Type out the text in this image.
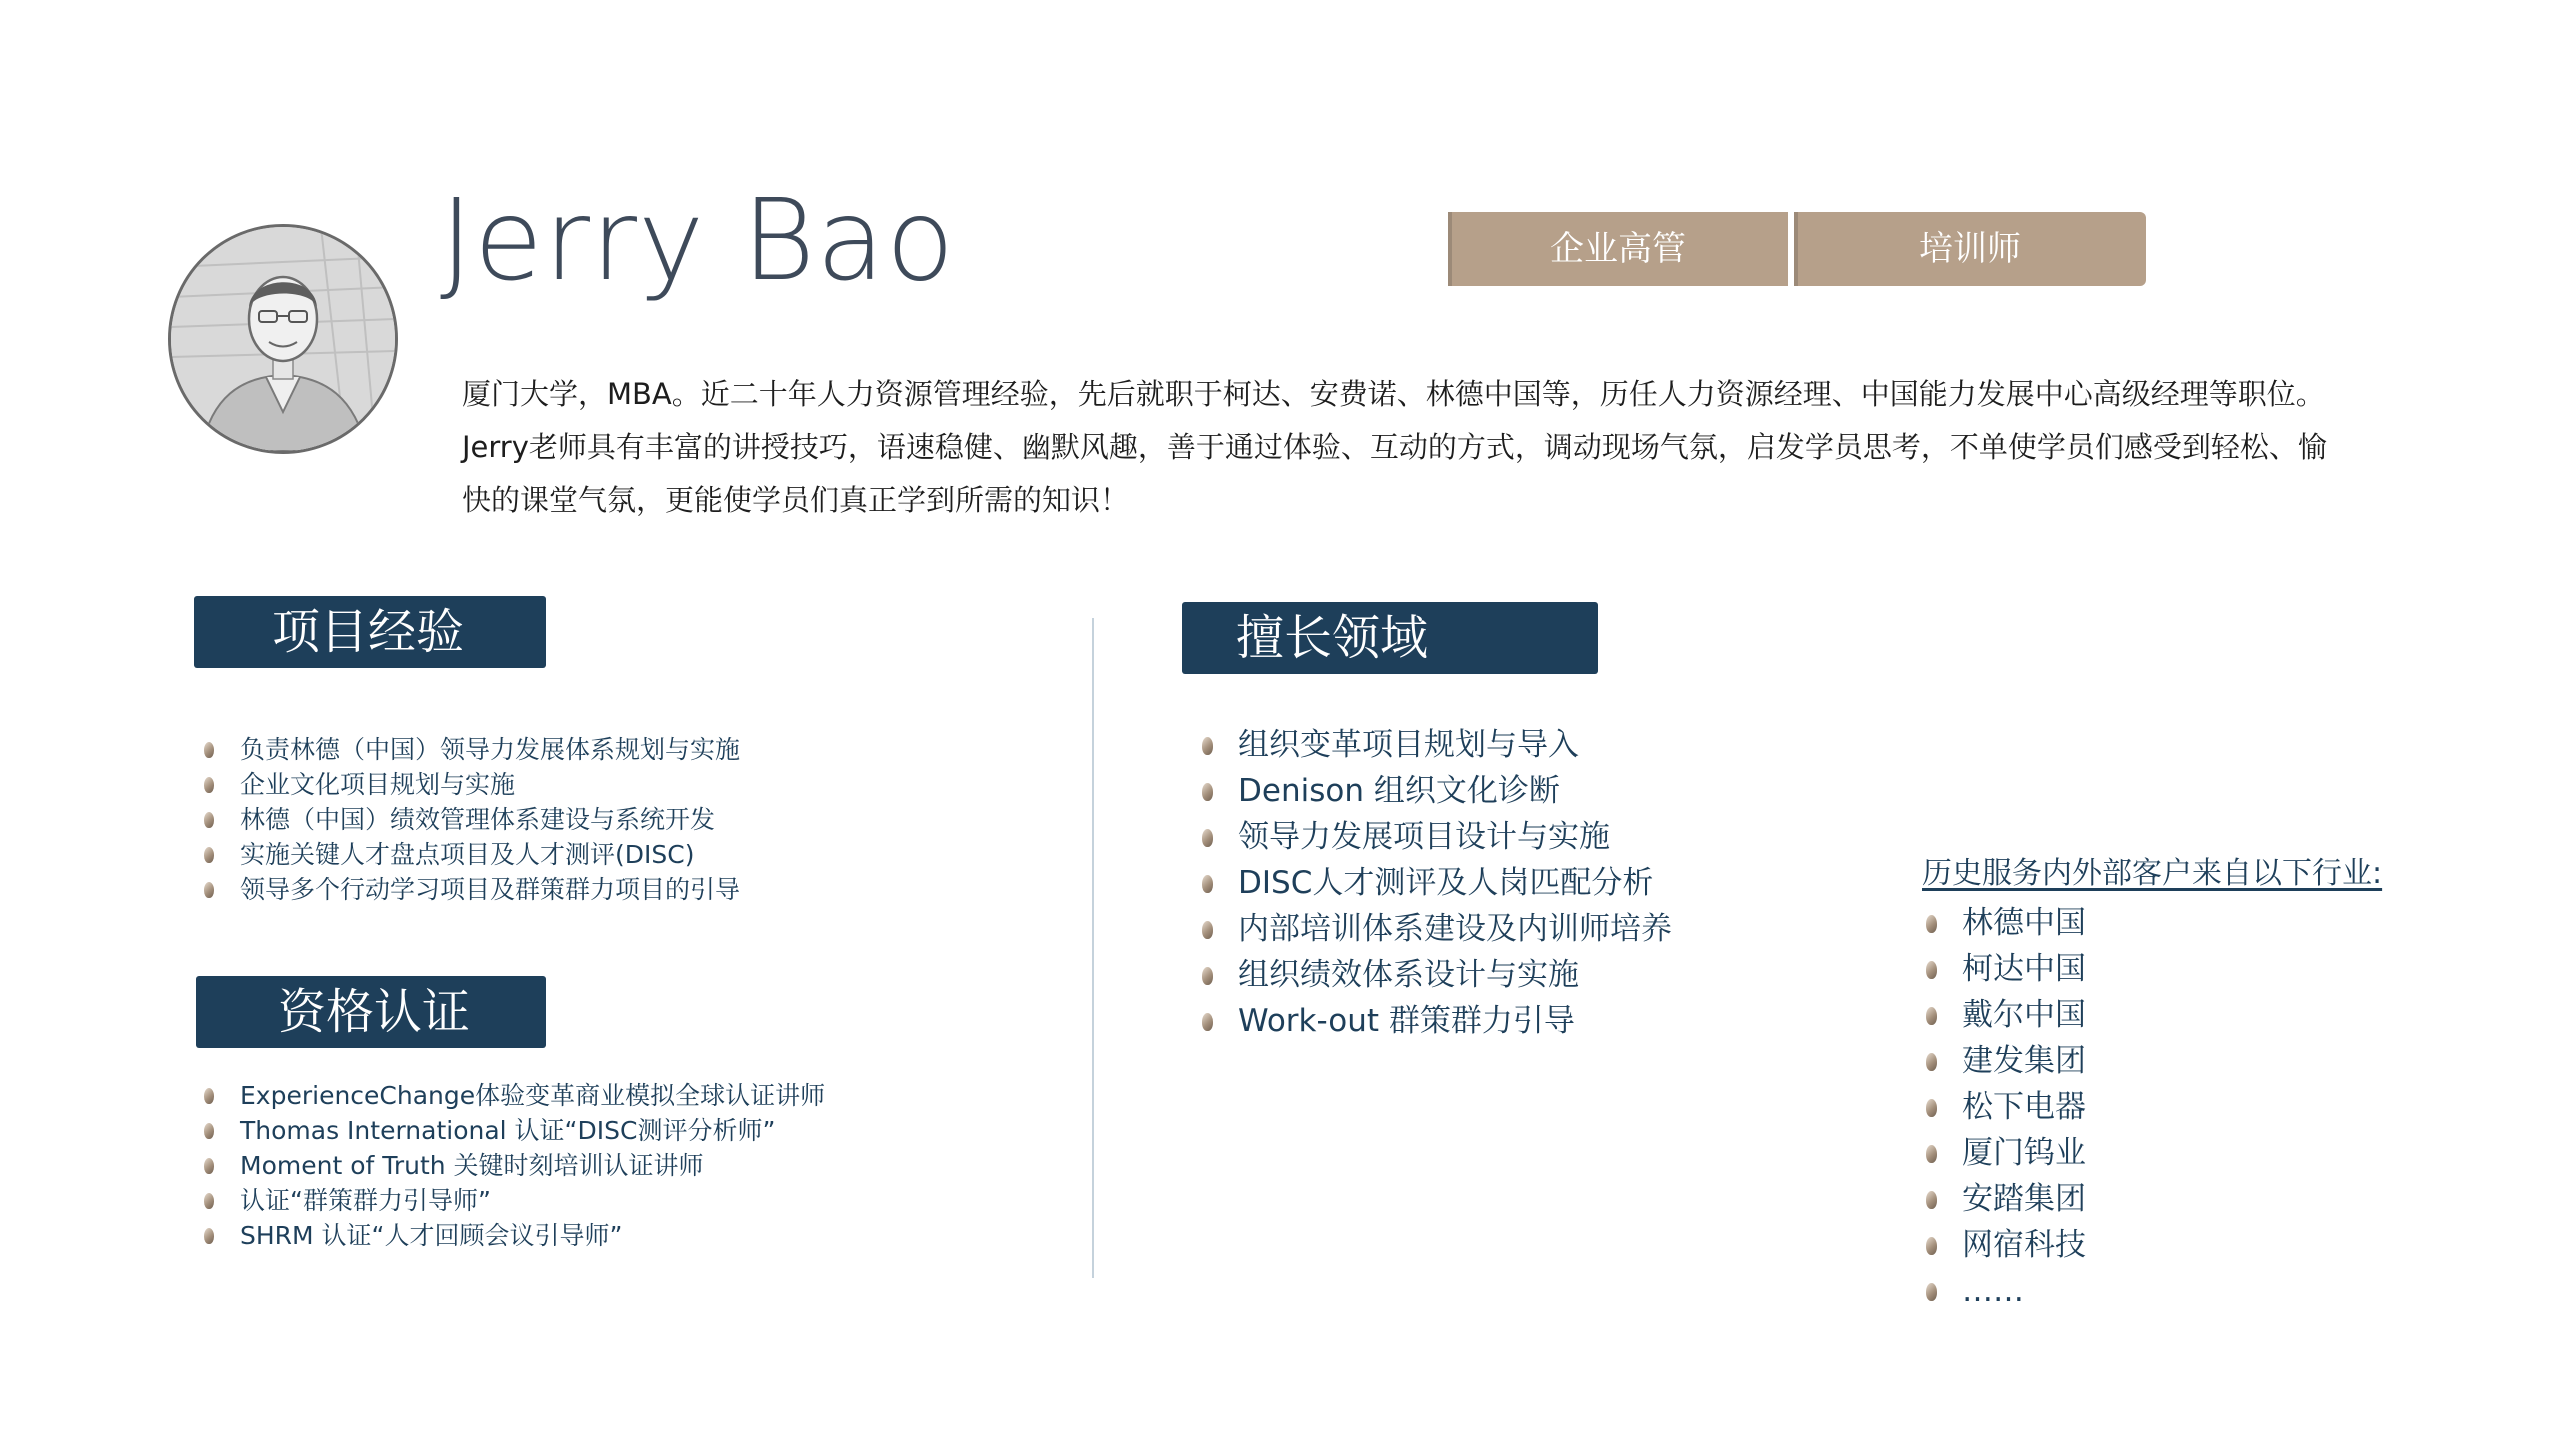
Jerry Bao	企业高管	培训师

厦门大学，MBA。近二十年人力资源管理经验，先后就职于柯达、安费诺、林德中国等，历任人力资源经理、中国能力发展中心高级经理等职位。

Jerry老师具有丰富的讲授技巧，语速稳健、幽默风趣，善于通过体验、互动的方式，调动现场气氛，启发学员思考，不单使学员们感受到轻松、愉

快的课堂气氛，更能使学员们真正学到所需的知识！

项目经验
负责林德（中国）领导力发展体系规划与实施
企业文化项目规划与实施
林德（中国）绩效管理体系建设与系统开发
实施关键人才盘点项目及人才测评(DISC)
领导多个行动学习项目及群策群力项目的引导
资格认证
ExperienceChange体验变革商业模拟全球认证讲师
Thomas International 认证“DISC测评分析师”
Moment of Truth 关键时刻培训认证讲师
认证“群策群力引导师”
SHRM 认证“人才回顾会议引导师”
擅长领域
组织变革项目规划与导入
Denison 组织文化诊断
领导力发展项目设计与实施
DISC人才测评及人岗匹配分析
内部培训体系建设及内训师培养
组织绩效体系设计与实施
Work-out 群策群力引导
历史服务内外部客户来自以下行业:
林德中国
柯达中国
戴尔中国
建发集团
松下电器
厦门钨业
安踏集团
网宿科技
……
